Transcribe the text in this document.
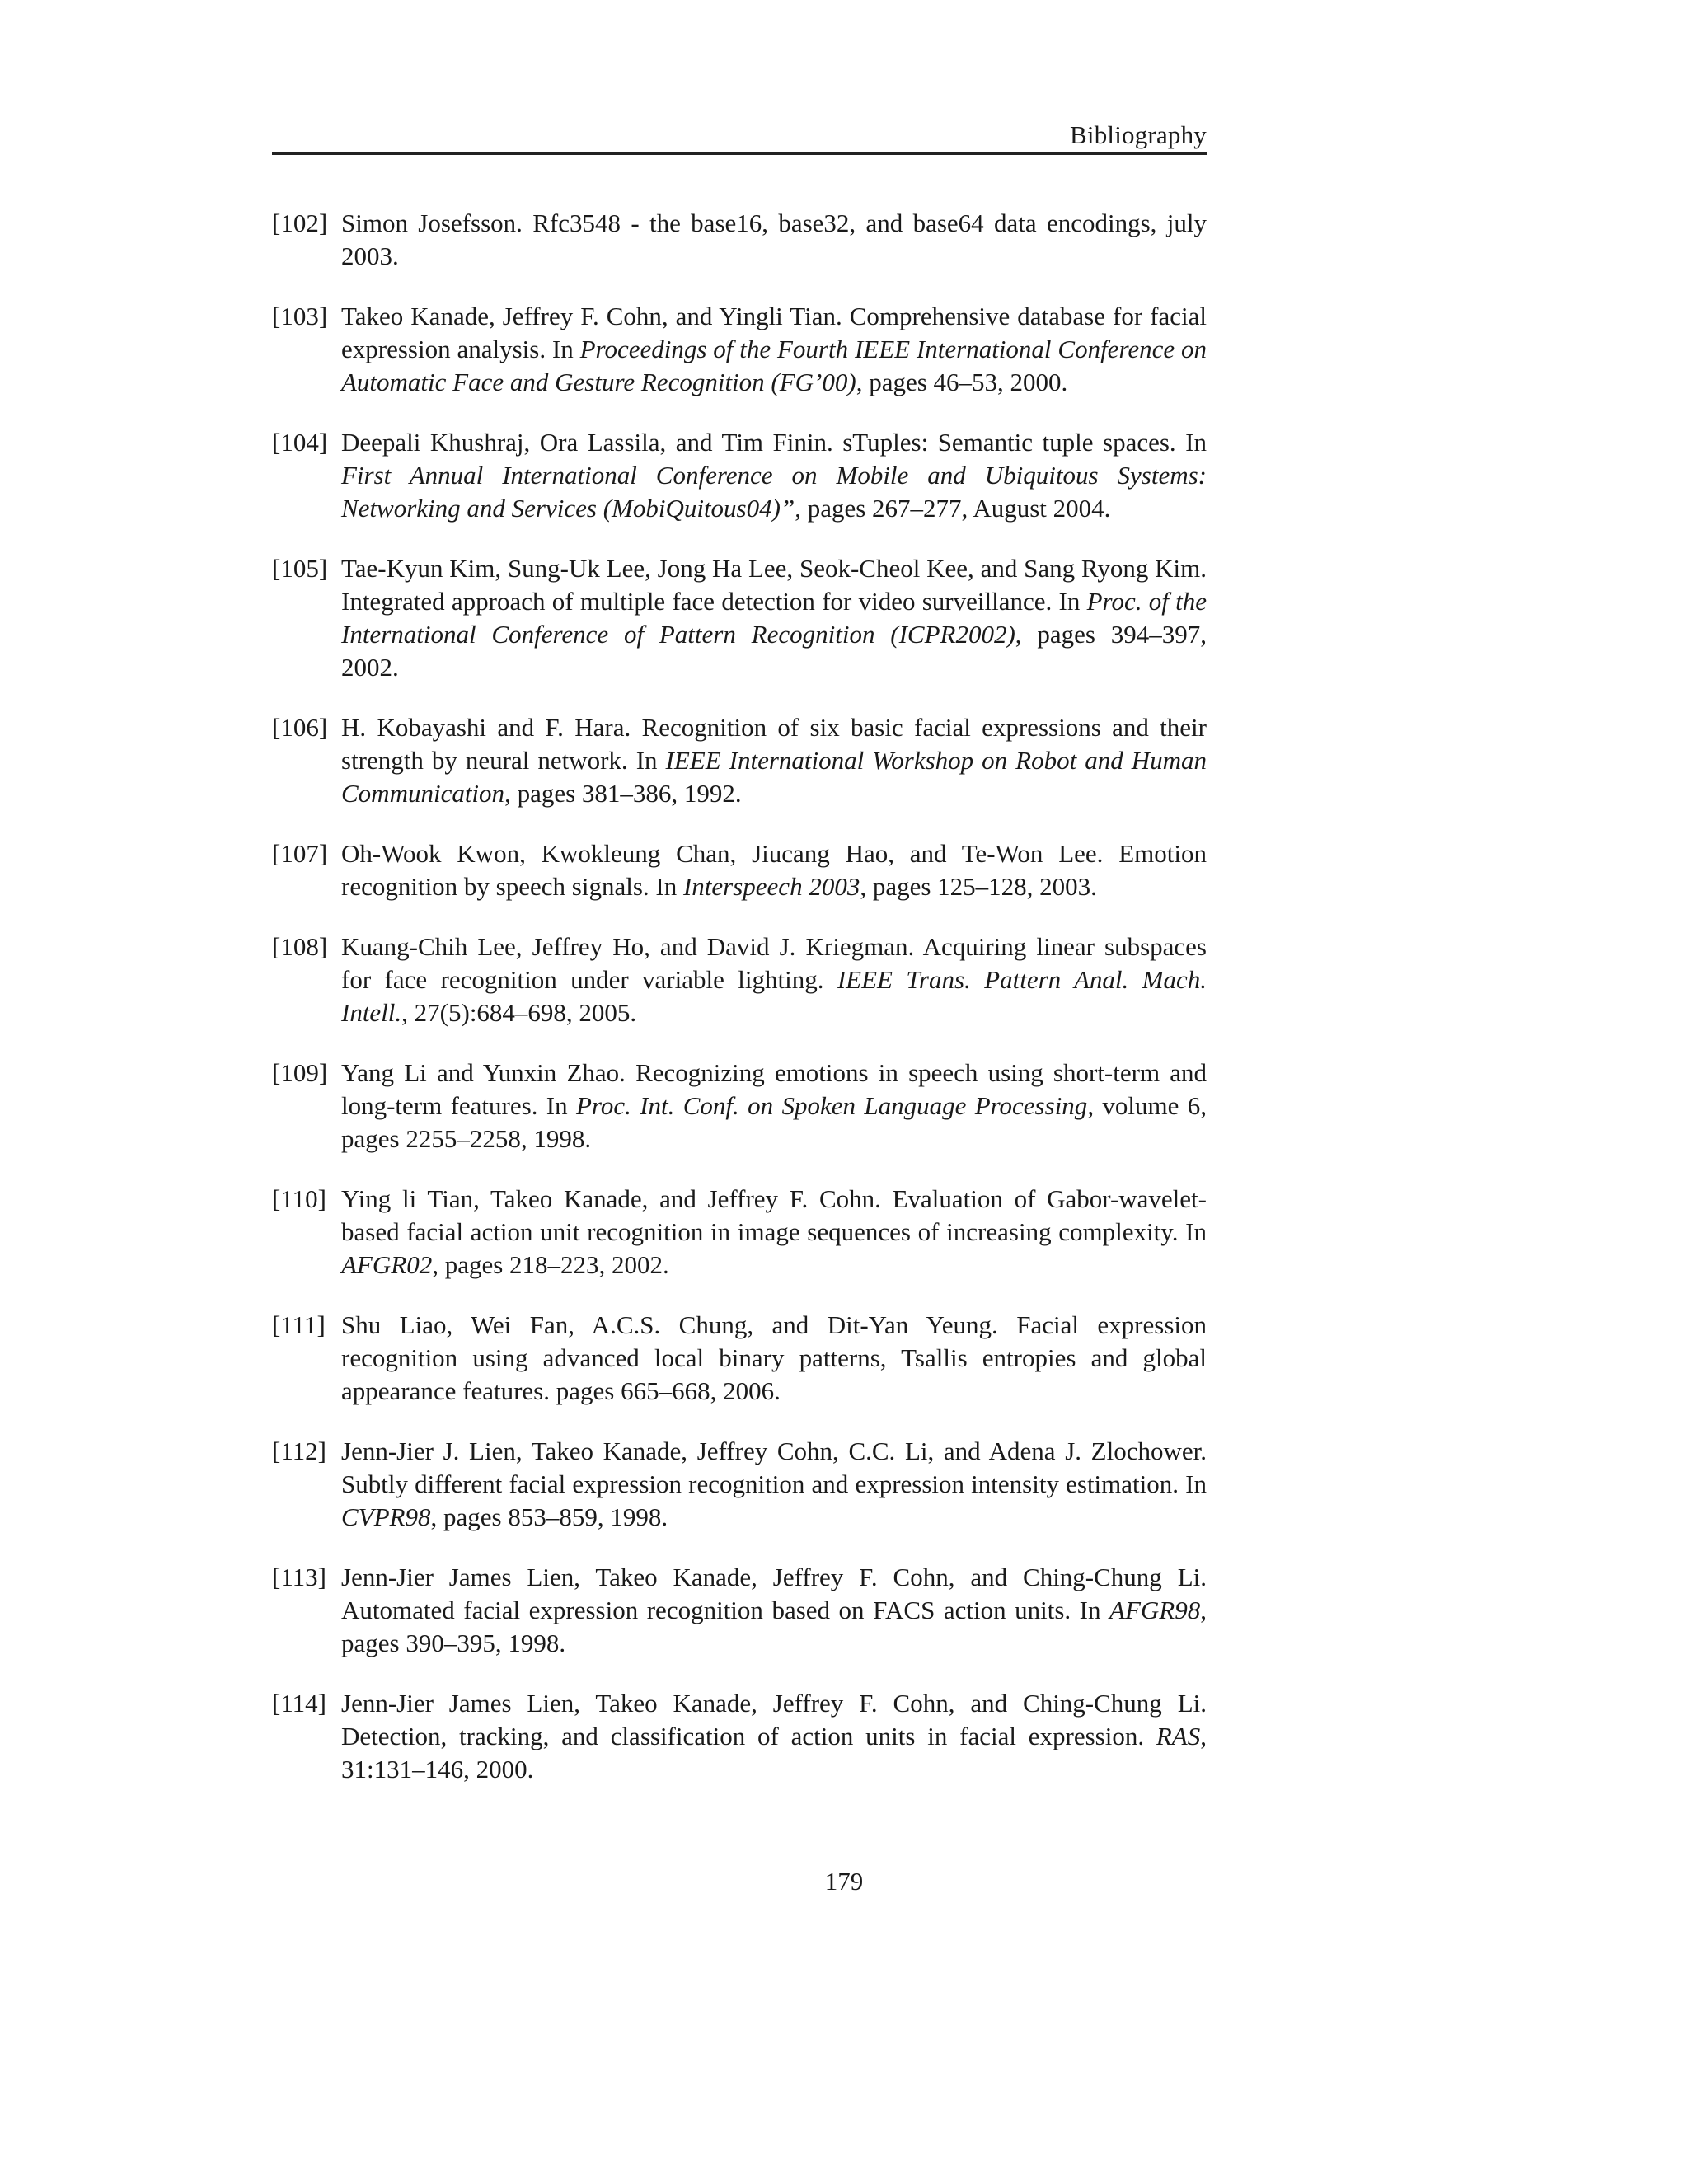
Bibliography
[102] Simon Josefsson. Rfc3548 - the base16, base32, and base64 data encodings, july 2003.
[103] Takeo Kanade, Jeffrey F. Cohn, and Yingli Tian. Comprehensive database for facial expression analysis. In Proceedings of the Fourth IEEE International Conference on Automatic Face and Gesture Recognition (FG’00), pages 46–53, 2000.
[104] Deepali Khushraj, Ora Lassila, and Tim Finin. sTuples: Semantic tuple spaces. In First Annual International Conference on Mobile and Ubiquitous Systems: Networking and Services (MobiQuitous04)”, pages 267–277, August 2004.
[105] Tae-Kyun Kim, Sung-Uk Lee, Jong Ha Lee, Seok-Cheol Kee, and Sang Ryong Kim. Integrated approach of multiple face detection for video surveillance. In Proc. of the International Conference of Pattern Recognition (ICPR2002), pages 394–397, 2002.
[106] H. Kobayashi and F. Hara. Recognition of six basic facial expressions and their strength by neural network. In IEEE International Workshop on Robot and Human Communication, pages 381–386, 1992.
[107] Oh-Wook Kwon, Kwokleung Chan, Jiucang Hao, and Te-Won Lee. Emotion recognition by speech signals. In Interspeech 2003, pages 125–128, 2003.
[108] Kuang-Chih Lee, Jeffrey Ho, and David J. Kriegman. Acquiring linear subspaces for face recognition under variable lighting. IEEE Trans. Pattern Anal. Mach. Intell., 27(5):684–698, 2005.
[109] Yang Li and Yunxin Zhao. Recognizing emotions in speech using short-term and long-term features. In Proc. Int. Conf. on Spoken Language Processing, volume 6, pages 2255–2258, 1998.
[110] Ying li Tian, Takeo Kanade, and Jeffrey F. Cohn. Evaluation of Gabor-wavelet-based facial action unit recognition in image sequences of increasing complexity. In AFGR02, pages 218–223, 2002.
[111] Shu Liao, Wei Fan, A.C.S. Chung, and Dit-Yan Yeung. Facial expression recognition using advanced local binary patterns, Tsallis entropies and global appearance features. pages 665–668, 2006.
[112] Jenn-Jier J. Lien, Takeo Kanade, Jeffrey Cohn, C.C. Li, and Adena J. Zlochower. Subtly different facial expression recognition and expression intensity estimation. In CVPR98, pages 853–859, 1998.
[113] Jenn-Jier James Lien, Takeo Kanade, Jeffrey F. Cohn, and Ching-Chung Li. Automated facial expression recognition based on FACS action units. In AFGR98, pages 390–395, 1998.
[114] Jenn-Jier James Lien, Takeo Kanade, Jeffrey F. Cohn, and Ching-Chung Li. Detection, tracking, and classification of action units in facial expression. RAS, 31:131–146, 2000.
179
